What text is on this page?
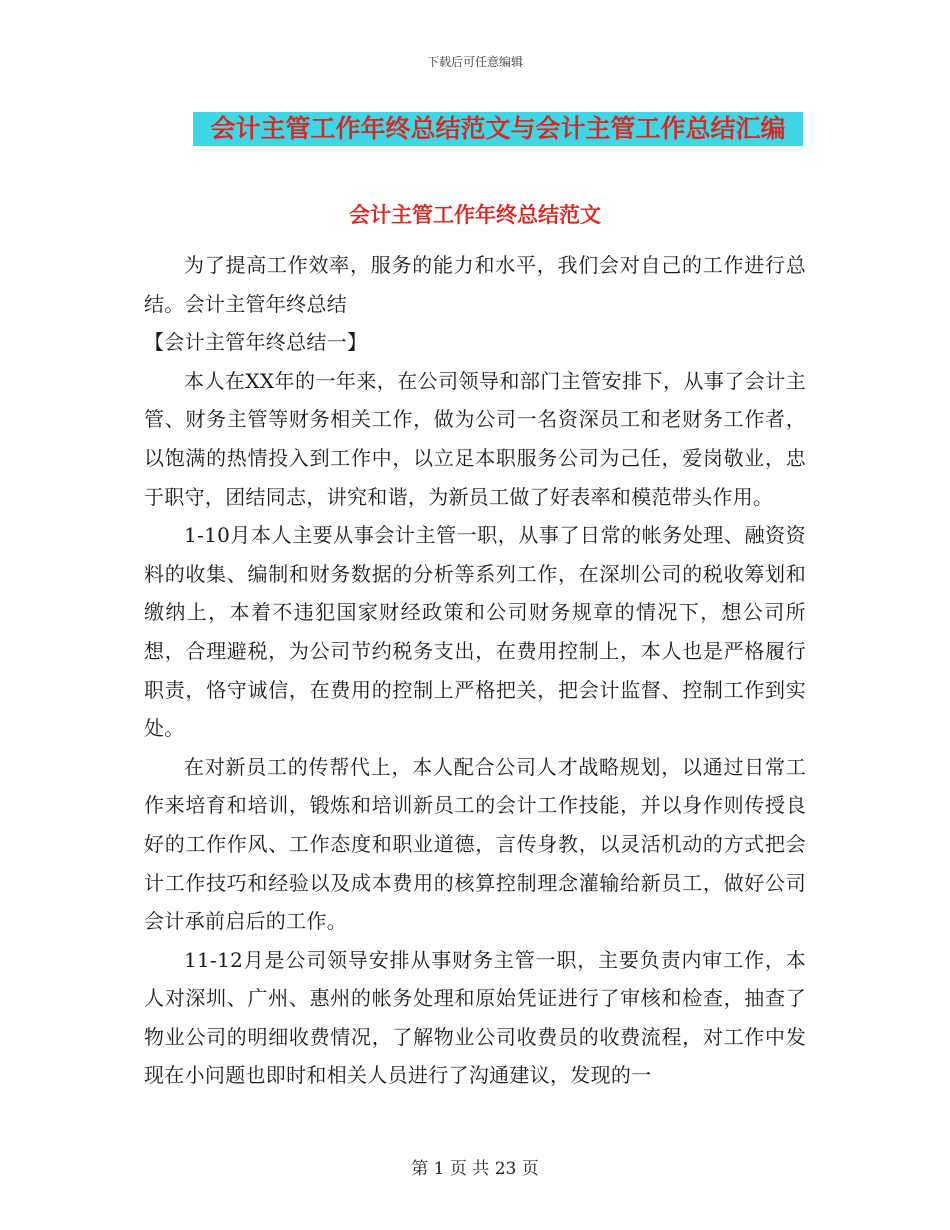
下载后可任意编辑
会计主管工作年终总结范文与会计主管工作总结汇编
会计主管工作年终总结范文

为了提高工作效率，服务的能力和水平，我们会对自己的工作进行总结。会计主管年终总结

【会计主管年终总结一】

本人在XX年的一年来，在公司领导和部门主管安排下，从事了会计主管、财务主管等财务相关工作，做为公司一名资深员工和老财务工作者，以饱满的热情投入到工作中，以立足本职服务公司为己任，爱岗敬业，忠于职守，团结同志，讲究和谐，为新员工做了好表率和模范带头作用。

1-10月本人主要从事会计主管一职，从事了日常的帐务处理、融资资料的收集、编制和财务数据的分析等系列工作，在深圳公司的税收筹划和缴纳上，本着不违犯国家财经政策和公司财务规章的情况下，想公司所想，合理避税，为公司节约税务支出，在费用控制上，本人也是严格履行职责，恪守诚信，在费用的控制上严格把关，把会计监督、控制工作到实处。

在对新员工的传帮代上，本人配合公司人才战略规划，以通过日常工作来培育和培训，锻炼和培训新员工的会计工作技能，并以身作则传授良好的工作作风、工作态度和职业道德，言传身教，以灵活机动的方式把会计工作技巧和经验以及成本费用的核算控制理念灌输给新员工，做好公司会计承前启后的工作。

11-12月是公司领导安排从事财务主管一职，主要负责内审工作，本人对深圳、广州、惠州的帐务处理和原始凭证进行了审核和检查，抽查了物业公司的明细收费情况，了解物业公司收费员的收费流程，对工作中发现在小问题也即时和相关人员进行了沟通建议，发现的一

第 1 页 共 23 页
